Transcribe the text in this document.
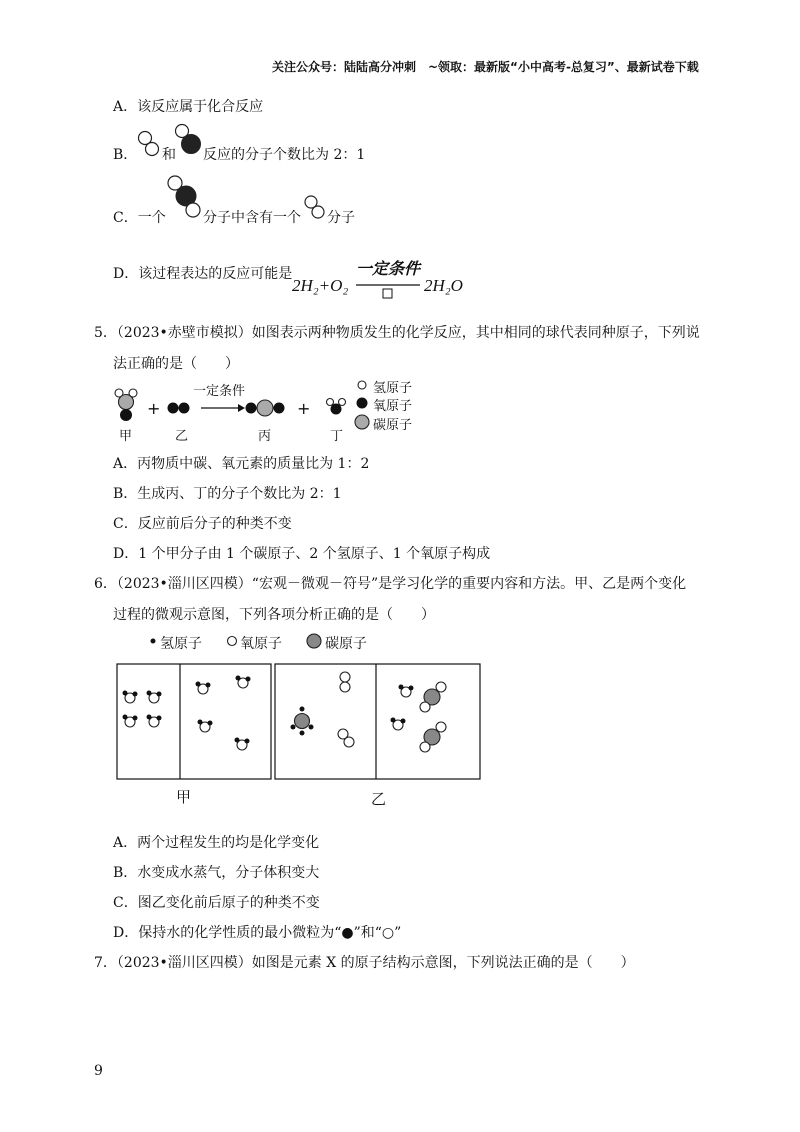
关注公众号：陆陆高分冲刺　~领取：最新版“小中高考-总复习”、最新试卷下载
A．该反应属于化合反应
B． 和 反应的分子个数比为 2：1
C．一个	分子中含有一个 分子
D．该过程表达的反应可能是	一定条件
2H₂+O₂	2H₂O
5．（2023•赤壁市模拟）如图表示两种物质发生的化学反应，其中相同的球代表同种原子，下列说
法正确的是（　　）
+	+
一定条件
甲	乙	丙	丁
氢原子
氧原子
碳原子
A．丙物质中碳、氧元素的质量比为 1：2
B．生成丙、丁的分子个数比为 2：1
C．反应前后分子的种类不变
D．1 个甲分子由 1 个碳原子、2 个氢原子、1 个氧原子构成
6．（2023•淄川区四模）“宏观－微观－符号”是学习化学的重要内容和方法。甲、乙是两个变化
过程的微观示意图，下列各项分析正确的是（　　）
氢原子	氧原子	碳原子
甲	乙
A．两个过程发生的均是化学变化
B．水变成水蒸气，分子体积变大
C．图乙变化前后原子的种类不变
D．保持水的化学性质的最小微粒为“●”和“○”
7．（2023•淄川区四模）如图是元素 X 的原子结构示意图，下列说法正确的是（　　）
9
